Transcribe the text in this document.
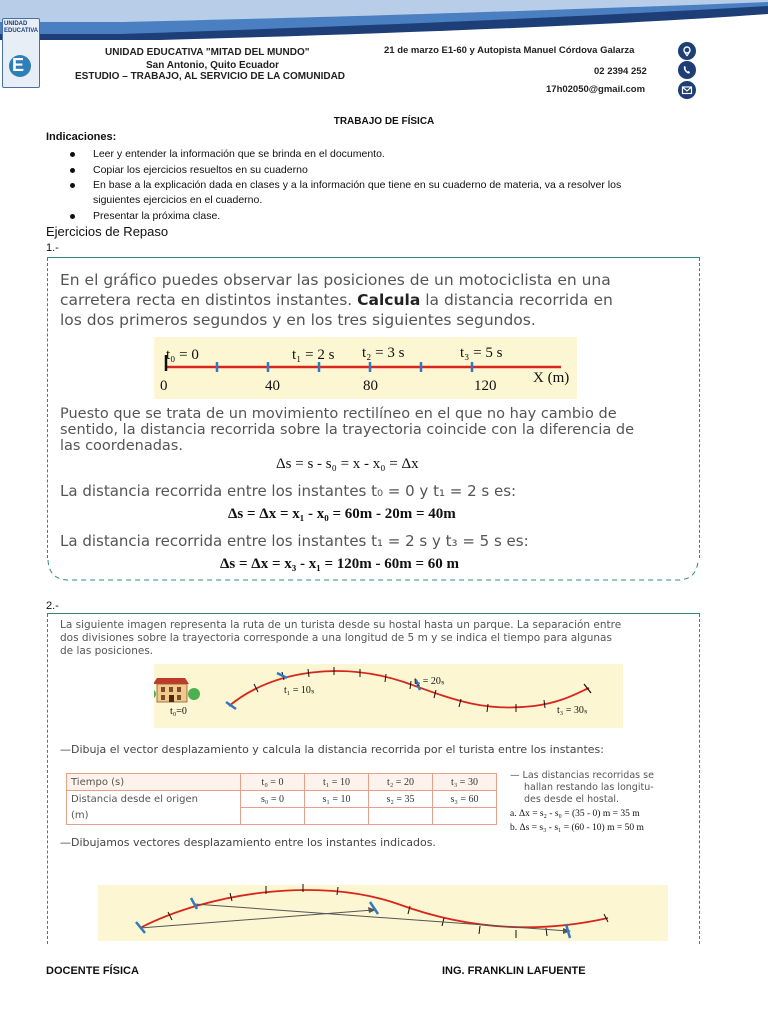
UNIDAD EDUCATIVA
E
UNIDAD EDUCATIVA "MITAD DEL MUNDO"
San Antonio, Quito Ecuador
ESTUDIO – TRABAJO, AL SERVICIO DE LA COMUNIDAD
21 de marzo E1-60 y Autopista Manuel Córdova Galarza
02 2394 252
17h02050@gmail.com
TRABAJO DE FÍSICA
Indicaciones:
Leer y entender la información que se brinda en el documento.
Copiar los ejercicios resueltos en su cuaderno
En base a la explicación dada en clases y a la información que tiene en su cuaderno de materia, va a resolver los
siguientes ejercicios en el cuaderno.
Presentar la próxima clase.
Ejercicios de Repaso
1.-
En el gráfico puedes observar las posiciones de un motociclista en una
carretera recta en distintos instantes. Calcula la distancia recorrida en
los dos primeros segundos y en los tres siguientes segundos.
t₀ = 0	t₁ = 2 s t₂ = 3 s	t₃ = 5 s
0	40	80	120 X (m)
Puesto que se trata de un movimiento rectilíneo en el que no hay cambio de
sentido, la distancia recorrida sobre la trayectoria coincide con la diferencia de
las coordenadas.
Δs = s - s₀ = x - x₀ = Δx
La distancia recorrida entre los instantes t₀ = 0 y t₁ = 2 s es:
Δs = Δx = x₁ - x₀ = 60m - 20m = 40m
La distancia recorrida entre los instantes t₁ = 2 s y t₃ = 5 s es:
Δs = Δx = x₃ - x₁ = 120m - 60m = 60 m
2.-
La siguiente imagen representa la ruta de un turista desde su hostal hasta un parque. La separación entre
dos divisiones sobre la trayectoria corresponde a una longitud de 5 m y se indica el tiempo para algunas
de las posiciones.
t₀=0
t₁ = 10ₛ
t₂ = 20ₛ
t₃ = 30ₛ
—Dibuja el vector desplazamiento y calcula la distancia recorrida por el turista entre los instantes:
Tiempo (s)	t₀ = 0	t₁ = 10	t₂ = 20	t₃ = 30
Distancia desde el origen	s₀ = 0	s₁ = 10	s₂ = 35	s₃ = 60
(m)				
— Las distancias recorridas se
hallan restando las longitu-
des desde el hostal.
a. Δx = s₂ - s₀ = (35 - 0) m = 35 m
b. Δs = s₃ - s₁ = (60 - 10) m = 50 m
—Dibujamos vectores desplazamiento entre los instantes indicados.
DOCENTE FÍSICA	ING. FRANKLIN LAFUENTE
